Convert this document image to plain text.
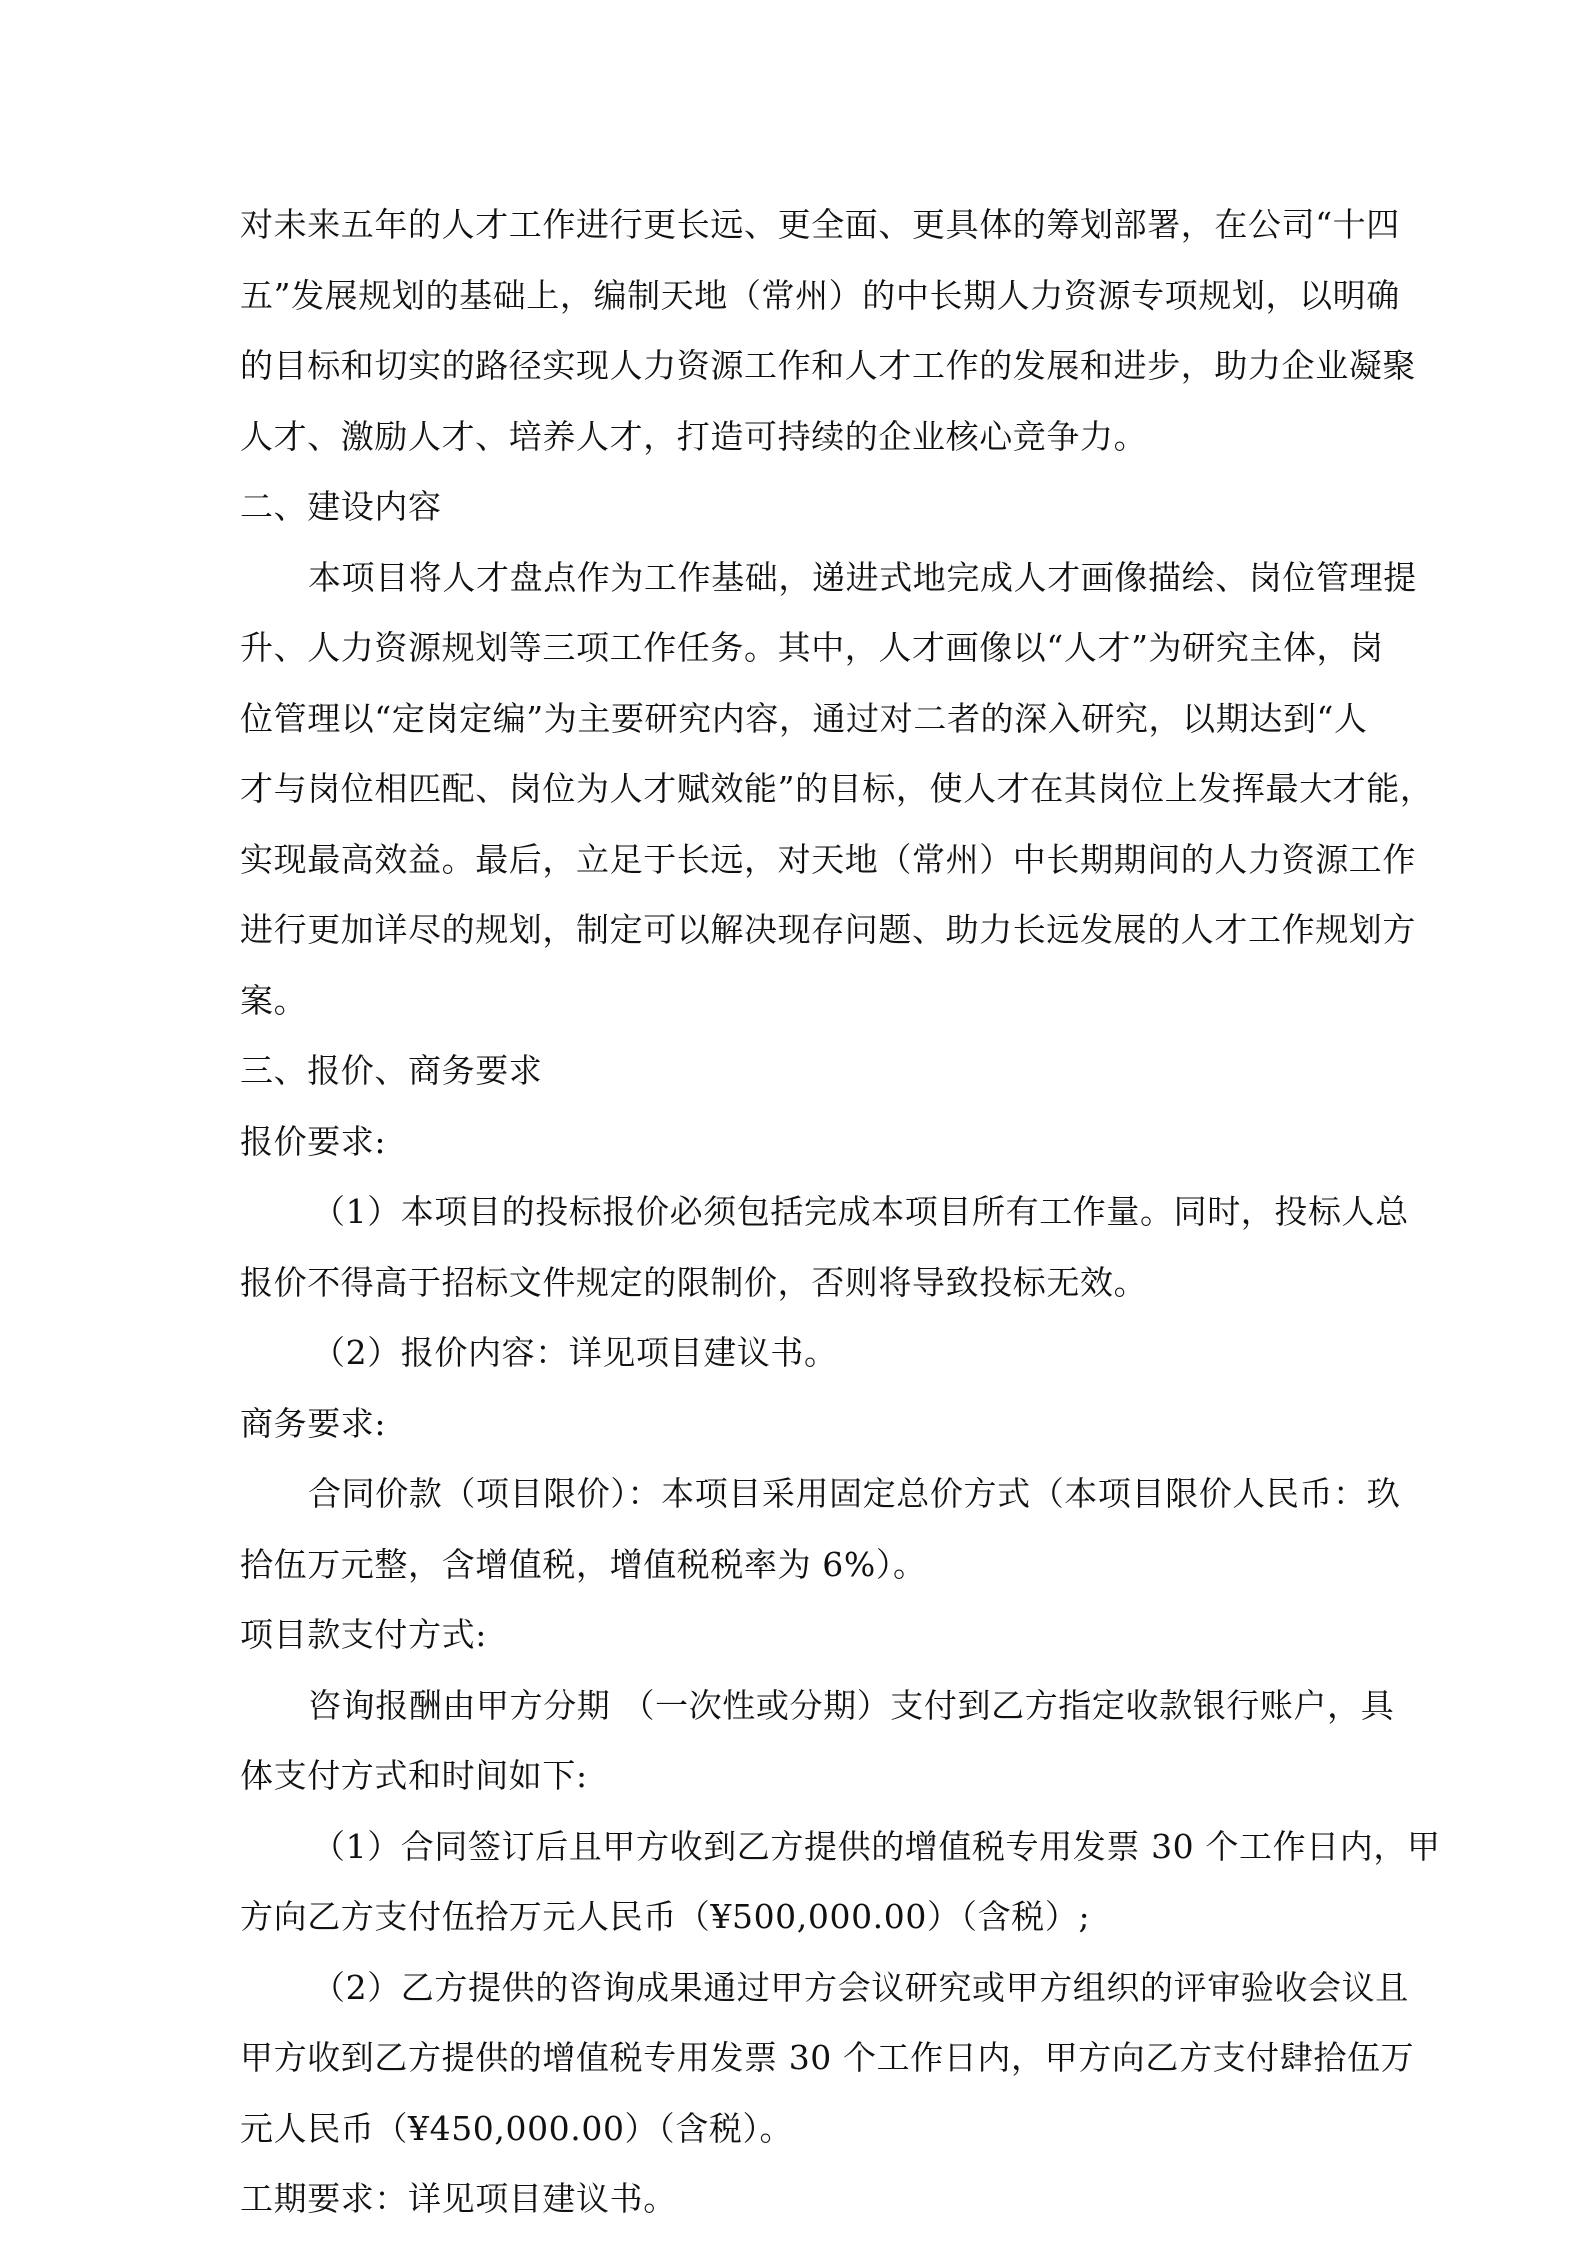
对未来五年的人才工作进行更长远、更全面、更具体的筹划部署，在公司“十四
五”发展规划的基础上，编制天地（常州）的中长期人力资源专项规划，以明确
的目标和切实的路径实现人力资源工作和人才工作的发展和进步，助力企业凝聚
人才、激励人才、培养人才，打造可持续的企业核心竞争力。
二、建设内容
本项目将人才盘点作为工作基础，递进式地完成人才画像描绘、岗位管理提
升、人力资源规划等三项工作任务。其中，人才画像以“人才”为研究主体，岗
位管理以“定岗定编”为主要研究内容，通过对二者的深入研究，以期达到“人
才与岗位相匹配、岗位为人才赋效能”的目标，使人才在其岗位上发挥最大才能，
实现最高效益。最后，立足于长远，对天地（常州）中长期期间的人力资源工作
进行更加详尽的规划，制定可以解决现存问题、助力长远发展的人才工作规划方
案。
三、报价、商务要求
报价要求:
（1）本项目的投标报价必须包括完成本项目所有工作量。同时，投标人总
报价不得高于招标文件规定的限制价，否则将导致投标无效。
（2）报价内容：详见项目建议书。
商务要求:
合同价款（项目限价）：本项目采用固定总价方式（本项目限价人民币：玖
拾伍万元整，含增值税，增值税税率为 6%）。
项目款支付方式:
咨询报酬由甲方分期 （一次性或分期）支付到乙方指定收款银行账户，具
体支付方式和时间如下:
（1）合同签订后且甲方收到乙方提供的增值税专用发票 30 个工作日内，甲
方向乙方支付伍拾万元人民币（¥500,000.00）（含税）;
（2）乙方提供的咨询成果通过甲方会议研究或甲方组织的评审验收会议且
甲方收到乙方提供的增值税专用发票 30 个工作日内，甲方向乙方支付肆拾伍万
元人民币（¥450,000.00）（含税）。
工期要求：详见项目建议书。
